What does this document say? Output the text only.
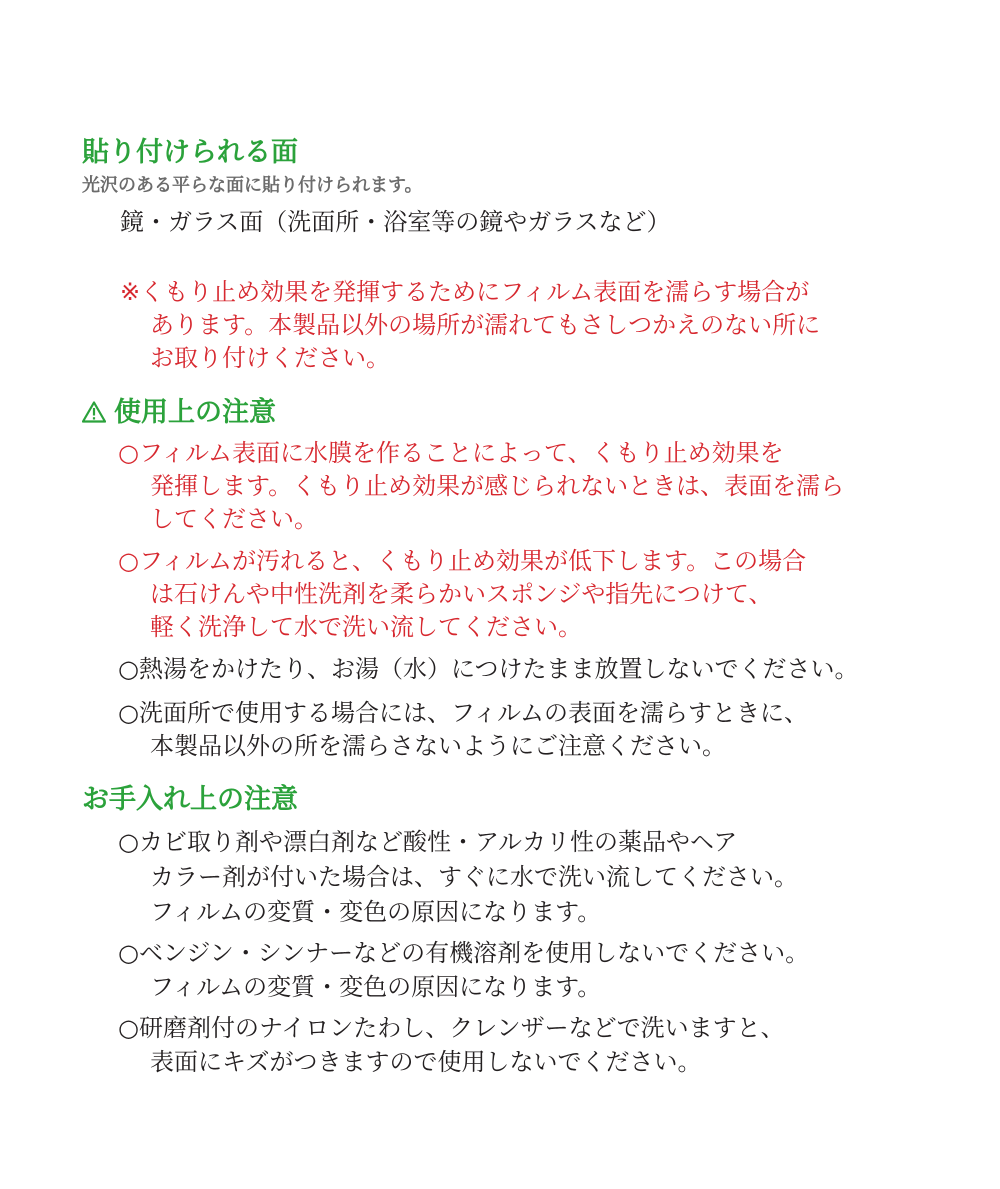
貼り付けられる面
光沢のある平らな面に貼り付けられます。
鏡・ガラス面（洗面所・浴室等の鏡やガラスなど）
※くもり止め効果を発揮するためにフィルム表面を濡らす場合が
あります。本製品以外の場所が濡れてもさしつかえのない所に
お取り付けください。
使用上の注意
○フィルム表面に水膜を作ることによって、くもり止め効果を
発揮します。くもり止め効果が感じられないときは、表面を濡ら
してください。
○フィルムが汚れると、くもり止め効果が低下します。この場合
は石けんや中性洗剤を柔らかいスポンジや指先につけて、
軽く洗浄して水で洗い流してください。
○熱湯をかけたり、お湯（水）につけたまま放置しないでください。
○洗面所で使用する場合には、フィルムの表面を濡らすときに、
本製品以外の所を濡らさないようにご注意ください。
お手入れ上の注意
○カビ取り剤や漂白剤など酸性・アルカリ性の薬品やヘア
カラー剤が付いた場合は、すぐに水で洗い流してください。
フィルムの変質・変色の原因になります。
○ベンジン・シンナーなどの有機溶剤を使用しないでください。
フィルムの変質・変色の原因になります。
○研磨剤付のナイロンたわし、クレンザーなどで洗いますと、
表面にキズがつきますので使用しないでください。
